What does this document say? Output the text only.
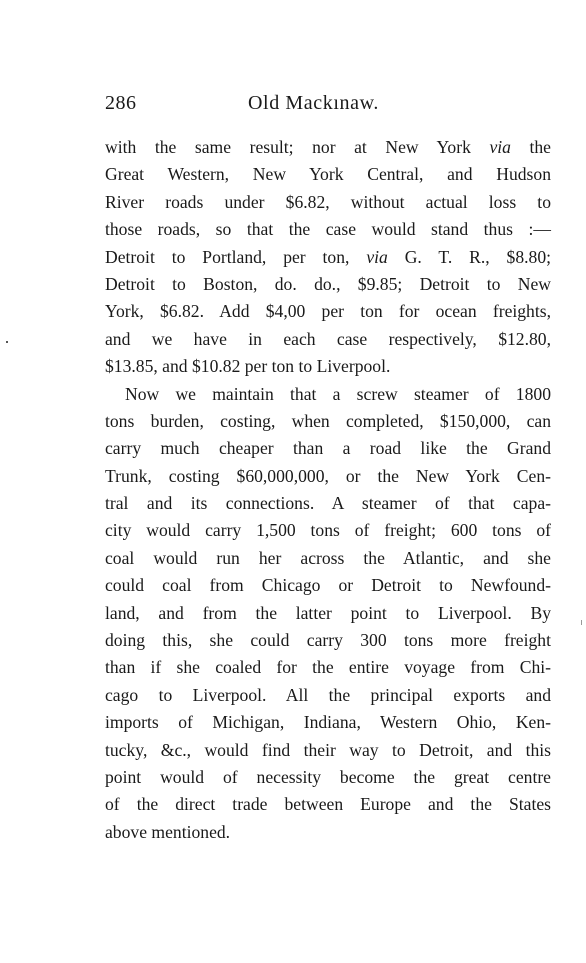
286	Old Mackınaw.
with the same result; nor at New York via the
Great Western, New York Central, and Hudson
River roads under $6.82, without actual loss to
those roads, so that the case would stand thus :—
Detroit to Portland, per ton, via G. T. R., $8.80;
Detroit to Boston, do. do., $9.85; Detroit to New
York, $6.82. Add $4,00 per ton for ocean freights,
and we have in each case respectively, $12.80,
$13.85, and $10.82 per ton to Liverpool.
Now we maintain that a screw steamer of 1800
tons burden, costing, when completed, $150,000, can
carry much cheaper than a road like the Grand
Trunk, costing $60,000,000, or the New York Cen-
tral and its connections. A steamer of that capa-
city would carry 1,500 tons of freight; 600 tons of
coal would run her across the Atlantic, and she
could coal from Chicago or Detroit to Newfound-
land, and from the latter point to Liverpool. By
doing this, she could carry 300 tons more freight
than if she coaled for the entire voyage from Chi-
cago to Liverpool. All the principal exports and
imports of Michigan, Indiana, Western Ohio, Ken-
tucky, &c., would find their way to Detroit, and this
point would of necessity become the great centre
of the direct trade between Europe and the States
above mentioned.
